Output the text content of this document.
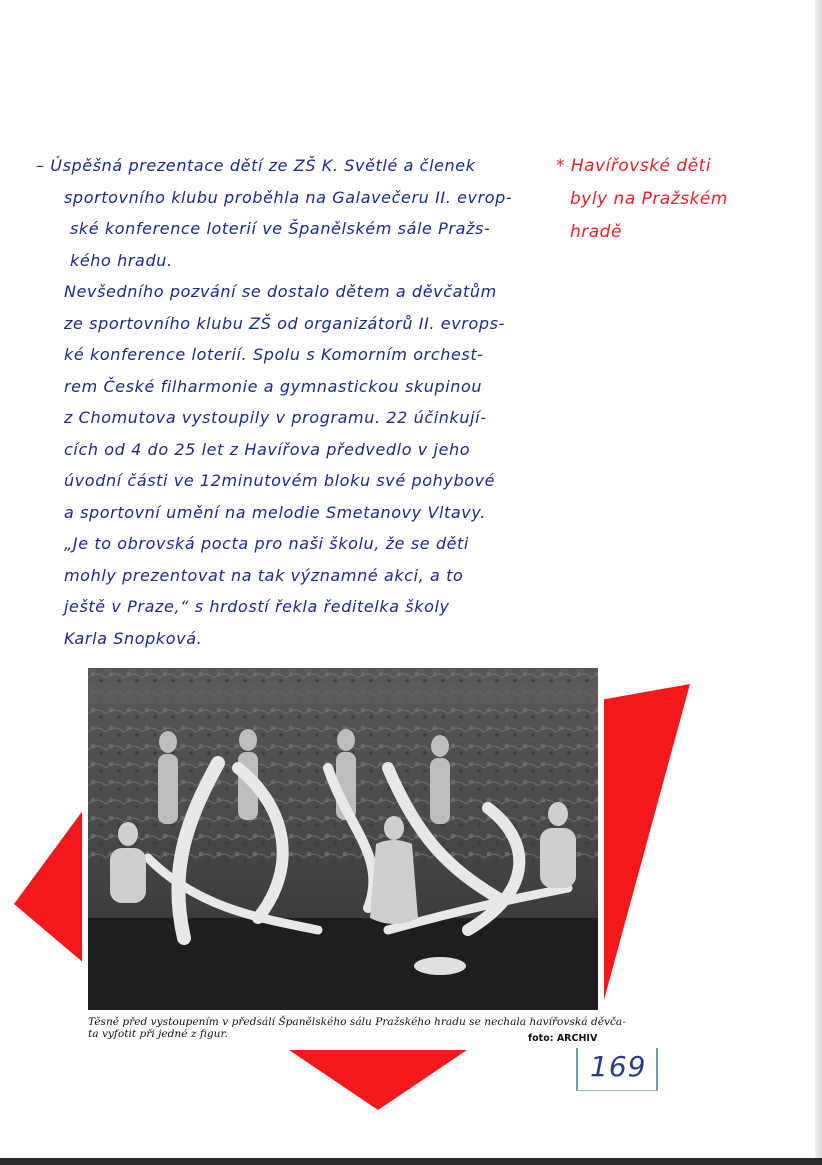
– Úspěšná prezentace dětí ze ZŠ K. Světlé a členek
sportovního klubu proběhla na Galavečeru II. evrop-
ské konference loterií ve Španělském sále Pražs-
kého hradu.
Nevšedního pozvání se dostalo dětem a děvčatům
ze sportovního klubu ZŠ od organizátorů II. evrops-
ké konference loterií. Spolu s Komorním orchest-
rem České filharmonie a gymnastickou skupinou
z Chomutova vystoupily v programu. 22 účinkují-
cích od 4 do 25 let z Havířova předvedlo v jeho
úvodní části ve 12minutovém bloku své pohybové
a sportovní umění na melodie Smetanovy Vltavy.
„Je to obrovská pocta pro naši školu, že se děti
mohly prezentovat na tak významné akci, a to
ještě v Praze,“ s hrdostí řekla ředitelka školy
Karla Snopková.
* Havířovské děti
byly na Pražském
hradě
Těsně před vystoupením v předsálí Španělského sálu Pražského hradu se nechala havířovská děvča-
ta vyfotit při jedné z figur.	foto: ARCHIV
169
